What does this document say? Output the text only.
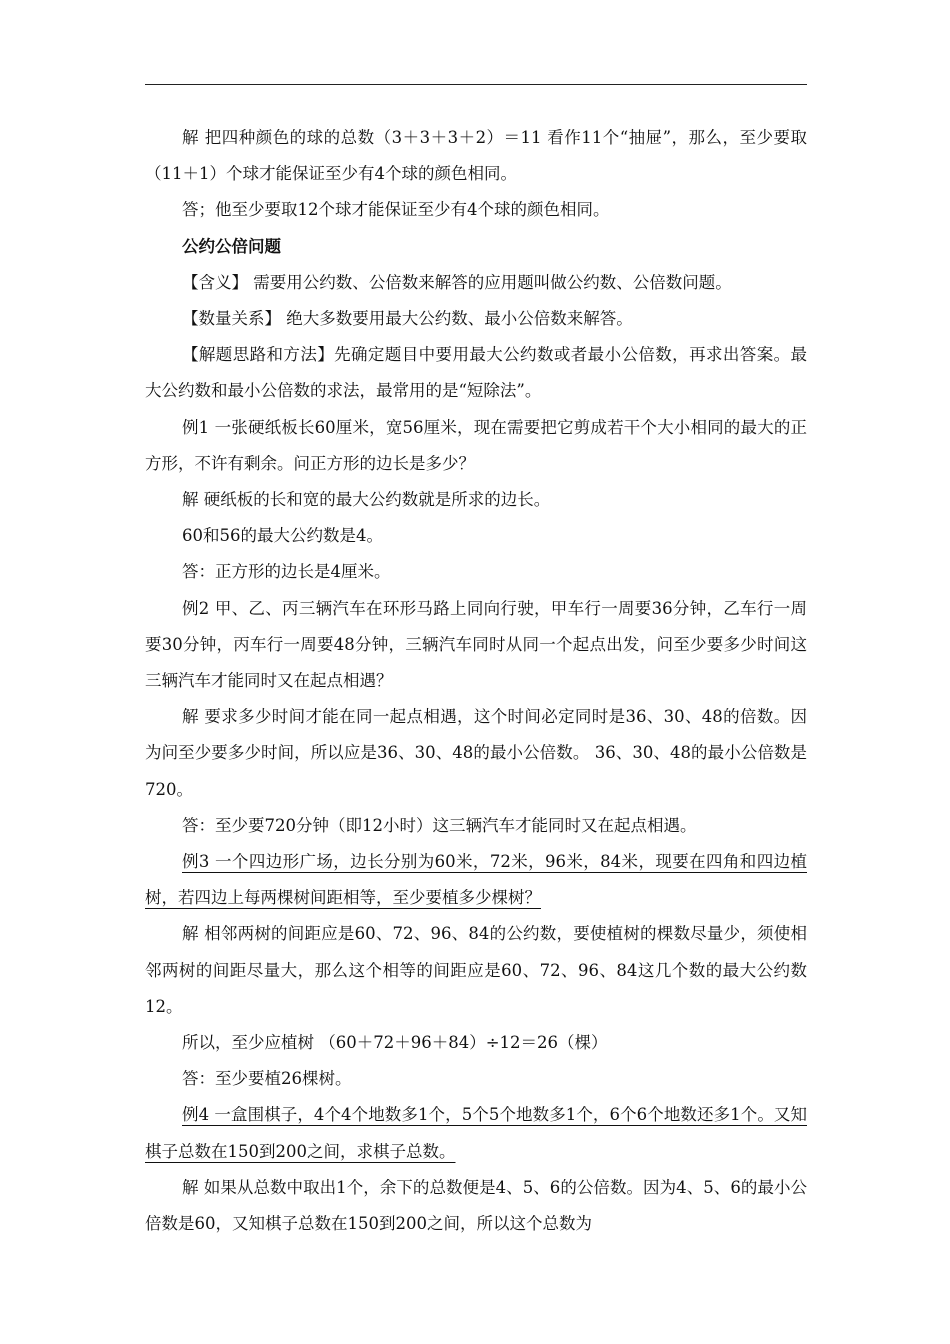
解 把四种颜色的球的总数（3＋3＋3＋2）＝11 看作11个“抽屉”，那么，至少要取（11＋1）个球才能保证至少有4个球的颜色相同。

答；他至少要取12个球才能保证至少有4个球的颜色相同。

公约公倍问题

【含义】 需要用公约数、公倍数来解答的应用题叫做公约数、公倍数问题。

【数量关系】 绝大多数要用最大公约数、最小公倍数来解答。

【解题思路和方法】先确定题目中要用最大公约数或者最小公倍数，再求出答案。最大公约数和最小公倍数的求法，最常用的是“短除法”。

例1 一张硬纸板长60厘米，宽56厘米，现在需要把它剪成若干个大小相同的最大的正方形，不许有剩余。问正方形的边长是多少？

解 硬纸板的长和宽的最大公约数就是所求的边长。

60和56的最大公约数是4。

答：正方形的边长是4厘米。

例2 甲、乙、丙三辆汽车在环形马路上同向行驶，甲车行一周要36分钟，乙车行一周要30分钟，丙车行一周要48分钟，三辆汽车同时从同一个起点出发，问至少要多少时间这三辆汽车才能同时又在起点相遇？

解 要求多少时间才能在同一起点相遇，这个时间必定同时是36、30、48的倍数。因为问至少要多少时间，所以应是36、30、48的最小公倍数。 36、30、48的最小公倍数是720。

答：至少要720分钟（即12小时）这三辆汽车才能同时又在起点相遇。

例3 一个四边形广场，边长分别为60米，72米，96米，84米，现要在四角和四边植树，若四边上每两棵树间距相等，至少要植多少棵树？

解 相邻两树的间距应是60、72、96、84的公约数，要使植树的棵数尽量少，须使相邻两树的间距尽量大，那么这个相等的间距应是60、72、96、84这几个数的最大公约数12。

所以，至少应植树 （60＋72＋96＋84）÷12＝26（棵）

答：至少要植26棵树。

例4 一盒围棋子，4个4个地数多1个，5个5个地数多1个，6个6个地数还多1个。又知棋子总数在150到200之间，求棋子总数。

解 如果从总数中取出1个，余下的总数便是4、5、6的公倍数。因为4、5、6的最小公倍数是60，又知棋子总数在150到200之间，所以这个总数为
